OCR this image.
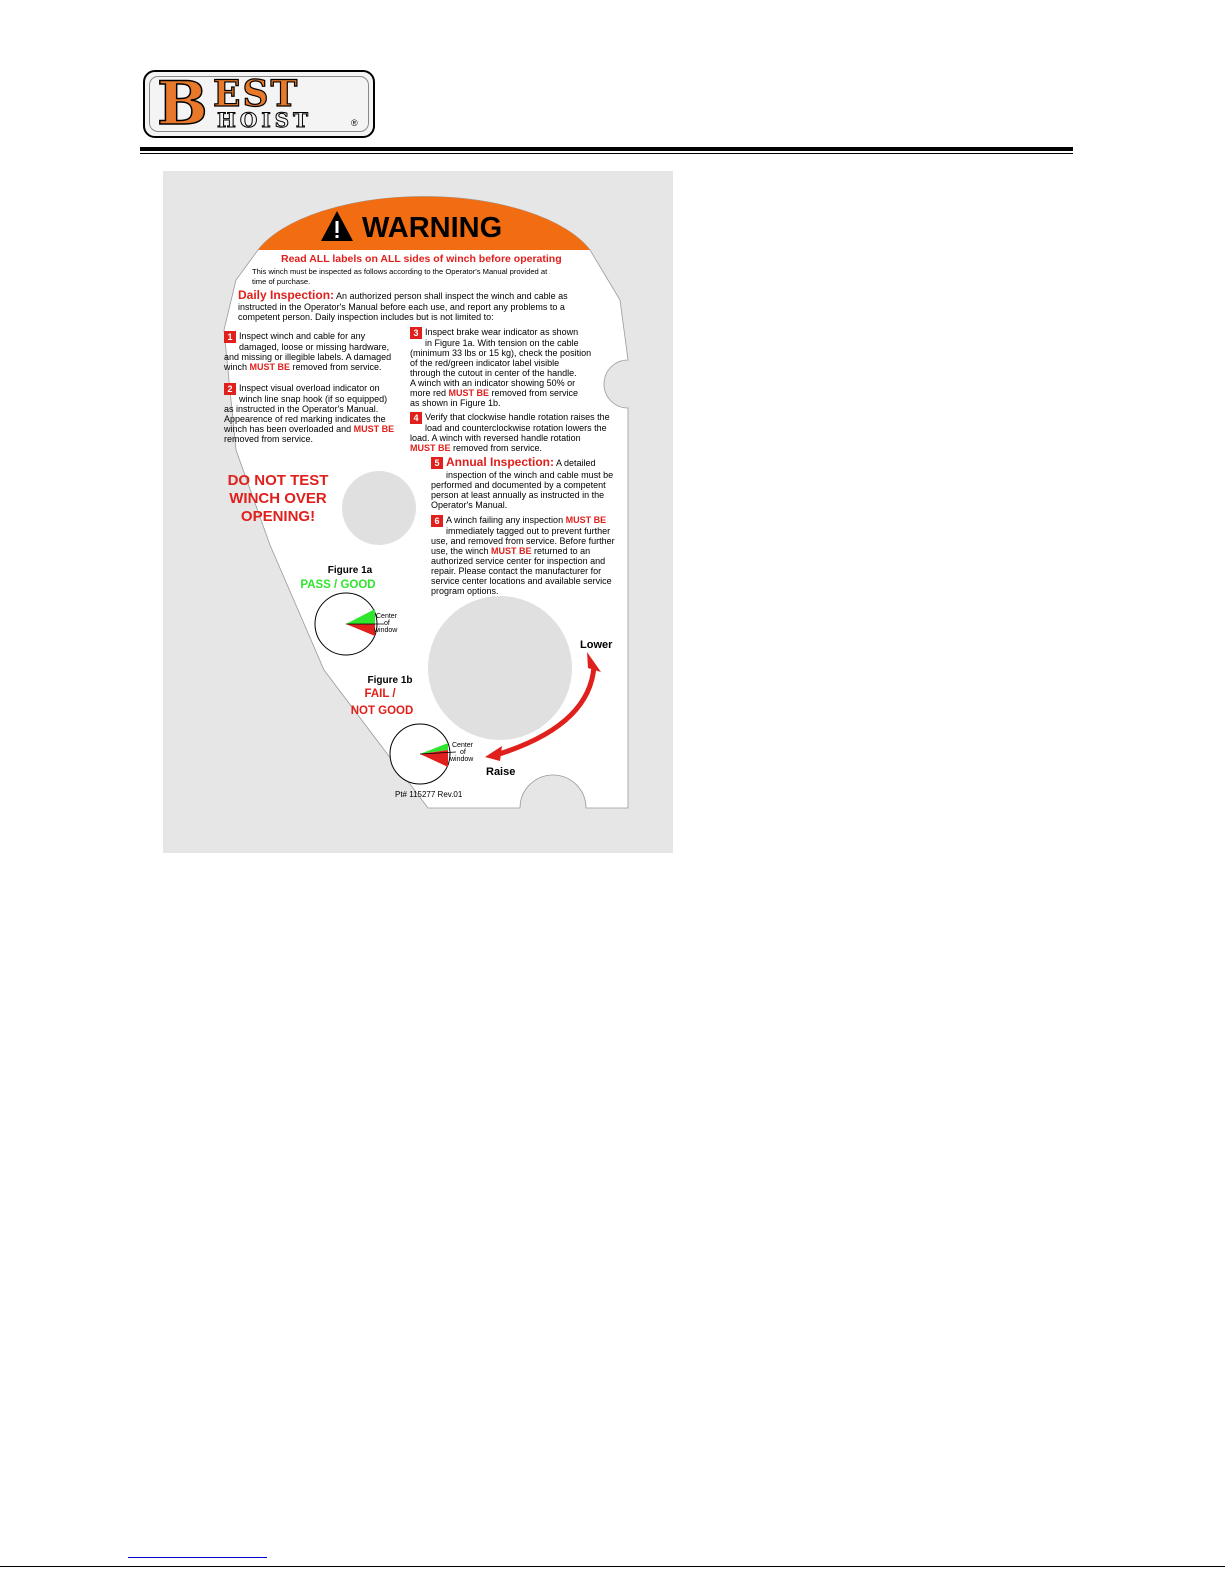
B EST
HOIST	®
WARNING
Read ALL labels on ALL sides of winch before operating
This winch must be inspected as follows according to the Operator's Manual provided at
time of purchase.
Daily Inspection: An authorized person shall inspect the winch and cable as
instructed in the Operator's Manual before each use, and report any problems to a
competent person. Daily inspection includes but is not limited to:
1 Inspect winch and cable for any
damaged, loose or missing hardware,
and missing or illegible labels. A damaged
winch MUST BE removed from service.
2 Inspect visual overload indicator on
winch line snap hook (if so equipped)
as instructed in the Operator's Manual.
Appearence of red marking indicates the
winch has been overloaded and MUST BE
removed from service.
3 Inspect brake wear indicator as shown
in Figure 1a. With tension on the cable
(minimum 33 lbs or 15 kg), check the position
of the red/green indicator label visible
through the cutout in center of the handle.
A winch with an indicator showing 50% or
more red MUST BE removed from service
as shown in Figure 1b.
4 Verify that clockwise handle rotation raises the
load and counterclockwise rotation lowers the
load. A winch with reversed handle rotation
MUST BE removed from service.
5 Annual Inspection: A detailed
inspection of the winch and cable must be
performed and documented by a competent
person at least annually as instructed in the
Operator's Manual.
6 A winch failing any inspection MUST BE
immediately tagged out to prevent further
use, and removed from service. Before further
use, the winch MUST BE returned to an
authorized service center for inspection and
repair. Please contact the manufacturer for
service center locations and available service
program options.
DO NOT TEST
WINCH OVER
OPENING!
Figure 1a
PASS / GOOD
Center
of
window
Figure 1b
FAIL /
NOT GOOD
Center
of
window
Lower
Raise
Pt# 115277 Rev.01
